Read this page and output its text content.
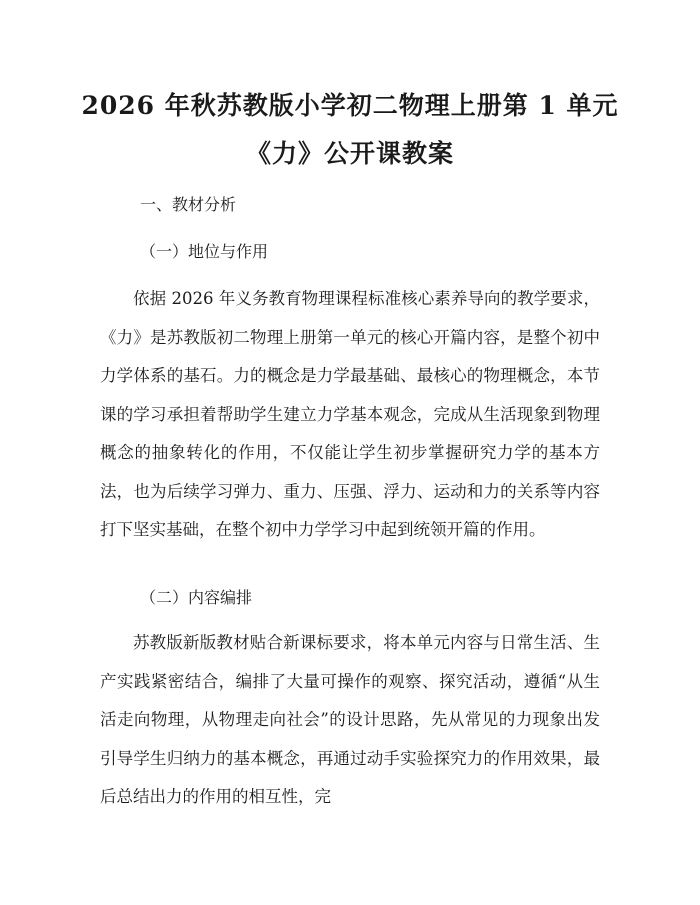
2026 年秋苏教版小学初二物理上册第 1 单元
《力》公开课教案
一、教材分析
（一）地位与作用

依据 2026 年义务教育物理课程标准核心素养导向的教学要求，《力》是苏教版初二物理上册第一单元的核心开篇内容，是整个初中力学体系的基石。力的概念是力学最基础、最核心的物理概念，本节课的学习承担着帮助学生建立力学基本观念，完成从生活现象到物理概念的抽象转化的作用，不仅能让学生初步掌握研究力学的基本方法，也为后续学习弹力、重力、压强、浮力、运动和力的关系等内容打下坚实基础，在整个初中力学学习中起到统领开篇的作用。

（二）内容编排

苏教版新版教材贴合新课标要求，将本单元内容与日常生活、生产实践紧密结合，编排了大量可操作的观察、探究活动，遵循“从生活走向物理，从物理走向社会”的设计思路，先从常见的力现象出发引导学生归纳力的基本概念，再通过动手实验探究力的作用效果，最后总结出力的作用的相互性，完
